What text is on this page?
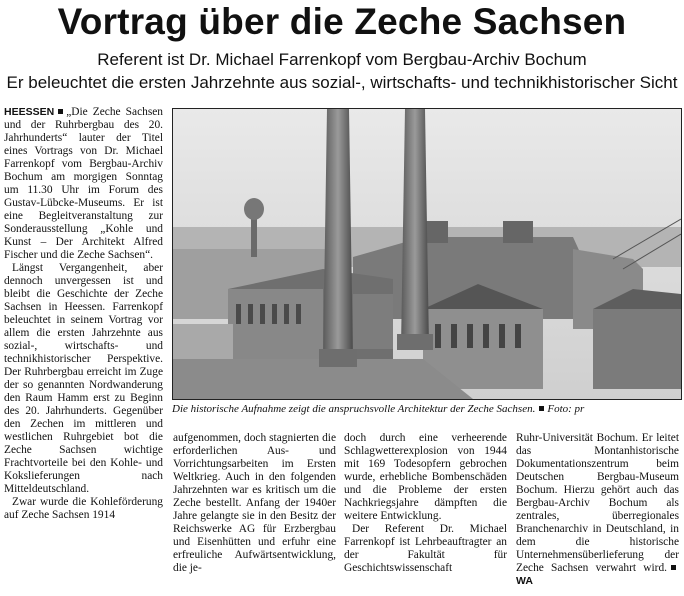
Vortrag über die Zeche Sachsen
Referent ist Dr. Michael Farrenkopf vom Bergbau-Archiv Bochum
Er beleuchtet die ersten Jahrzehnte aus sozial-, wirtschafts- und technikhistorischer Sicht

HEESSEN „Die Zeche Sachsen und der Ruhrbergbau des 20. Jahrhunderts“ lauter der Titel eines Vortrags von Dr. Michael Farrenkopf vom Bergbau-Archiv Bochum am morgigen Sonntag um 11.30 Uhr im Forum des Gustav-Lübcke-Museums. Er ist eine Begleitveranstaltung zur Sonderausstellung „Kohle und Kunst – Der Architekt Alfred Fischer und die Zeche Sachsen“.

Längst Vergangenheit, aber dennoch unvergessen ist und bleibt die Geschichte der Zeche Sachsen in Heessen. Farrenkopf beleuchtet in seinem Vortrag vor allem die ersten Jahrzehnte aus sozial-, wirtschafts- und technikhistorischer Perspektive. Der Ruhrbergbau erreicht im Zuge der so genannten Nordwanderung den Raum Hamm erst zu Beginn des 20. Jahrhunderts. Gegenüber den Zechen im mittleren und westlichen Ruhrgebiet bot die Zeche Sachsen wichtige Frachtvorteile bei den Kohle- und Kokslieferungen nach Mitteldeutschland.

Zwar wurde die Kohleförderung auf Zeche Sachsen 1914

Die historische Aufnahme zeigt die anspruchsvolle Architektur der Zeche Sachsen. Foto: pr

aufgenommen, doch stagnierten die erforderlichen Aus- und Vorrichtungsarbeiten im Ersten Weltkrieg. Auch in den folgenden Jahrzehnten war es kritisch um die Zeche bestellt. Anfang der 1940er Jahre gelangte sie in den Besitz der Reichswerke AG für Erzbergbau und Eisenhütten und erfuhr eine erfreuliche Aufwärtsentwicklung, die je-

doch durch eine verheerende Schlagwetterexplosion von 1944 mit 169 Todesopfern gebrochen wurde, erhebliche Bombenschäden und die Probleme der ersten Nachkriegsjahre dämpften die weitere Entwicklung.

Der Referent Dr. Michael Farrenkopf ist Lehrbeauftragter an der Fakultät für Geschichtswissenschaft

Ruhr-Universität Bochum. Er leitet das Montanhistorische Dokumentationszentrum beim Deutschen Bergbau-Museum Bochum. Hierzu gehört auch das Bergbau-Archiv Bochum als zentrales, überregionales Branchenarchiv in Deutschland, in dem die historische Unternehmensüberlieferung der Zeche Sachsen verwahrt wird.WA
